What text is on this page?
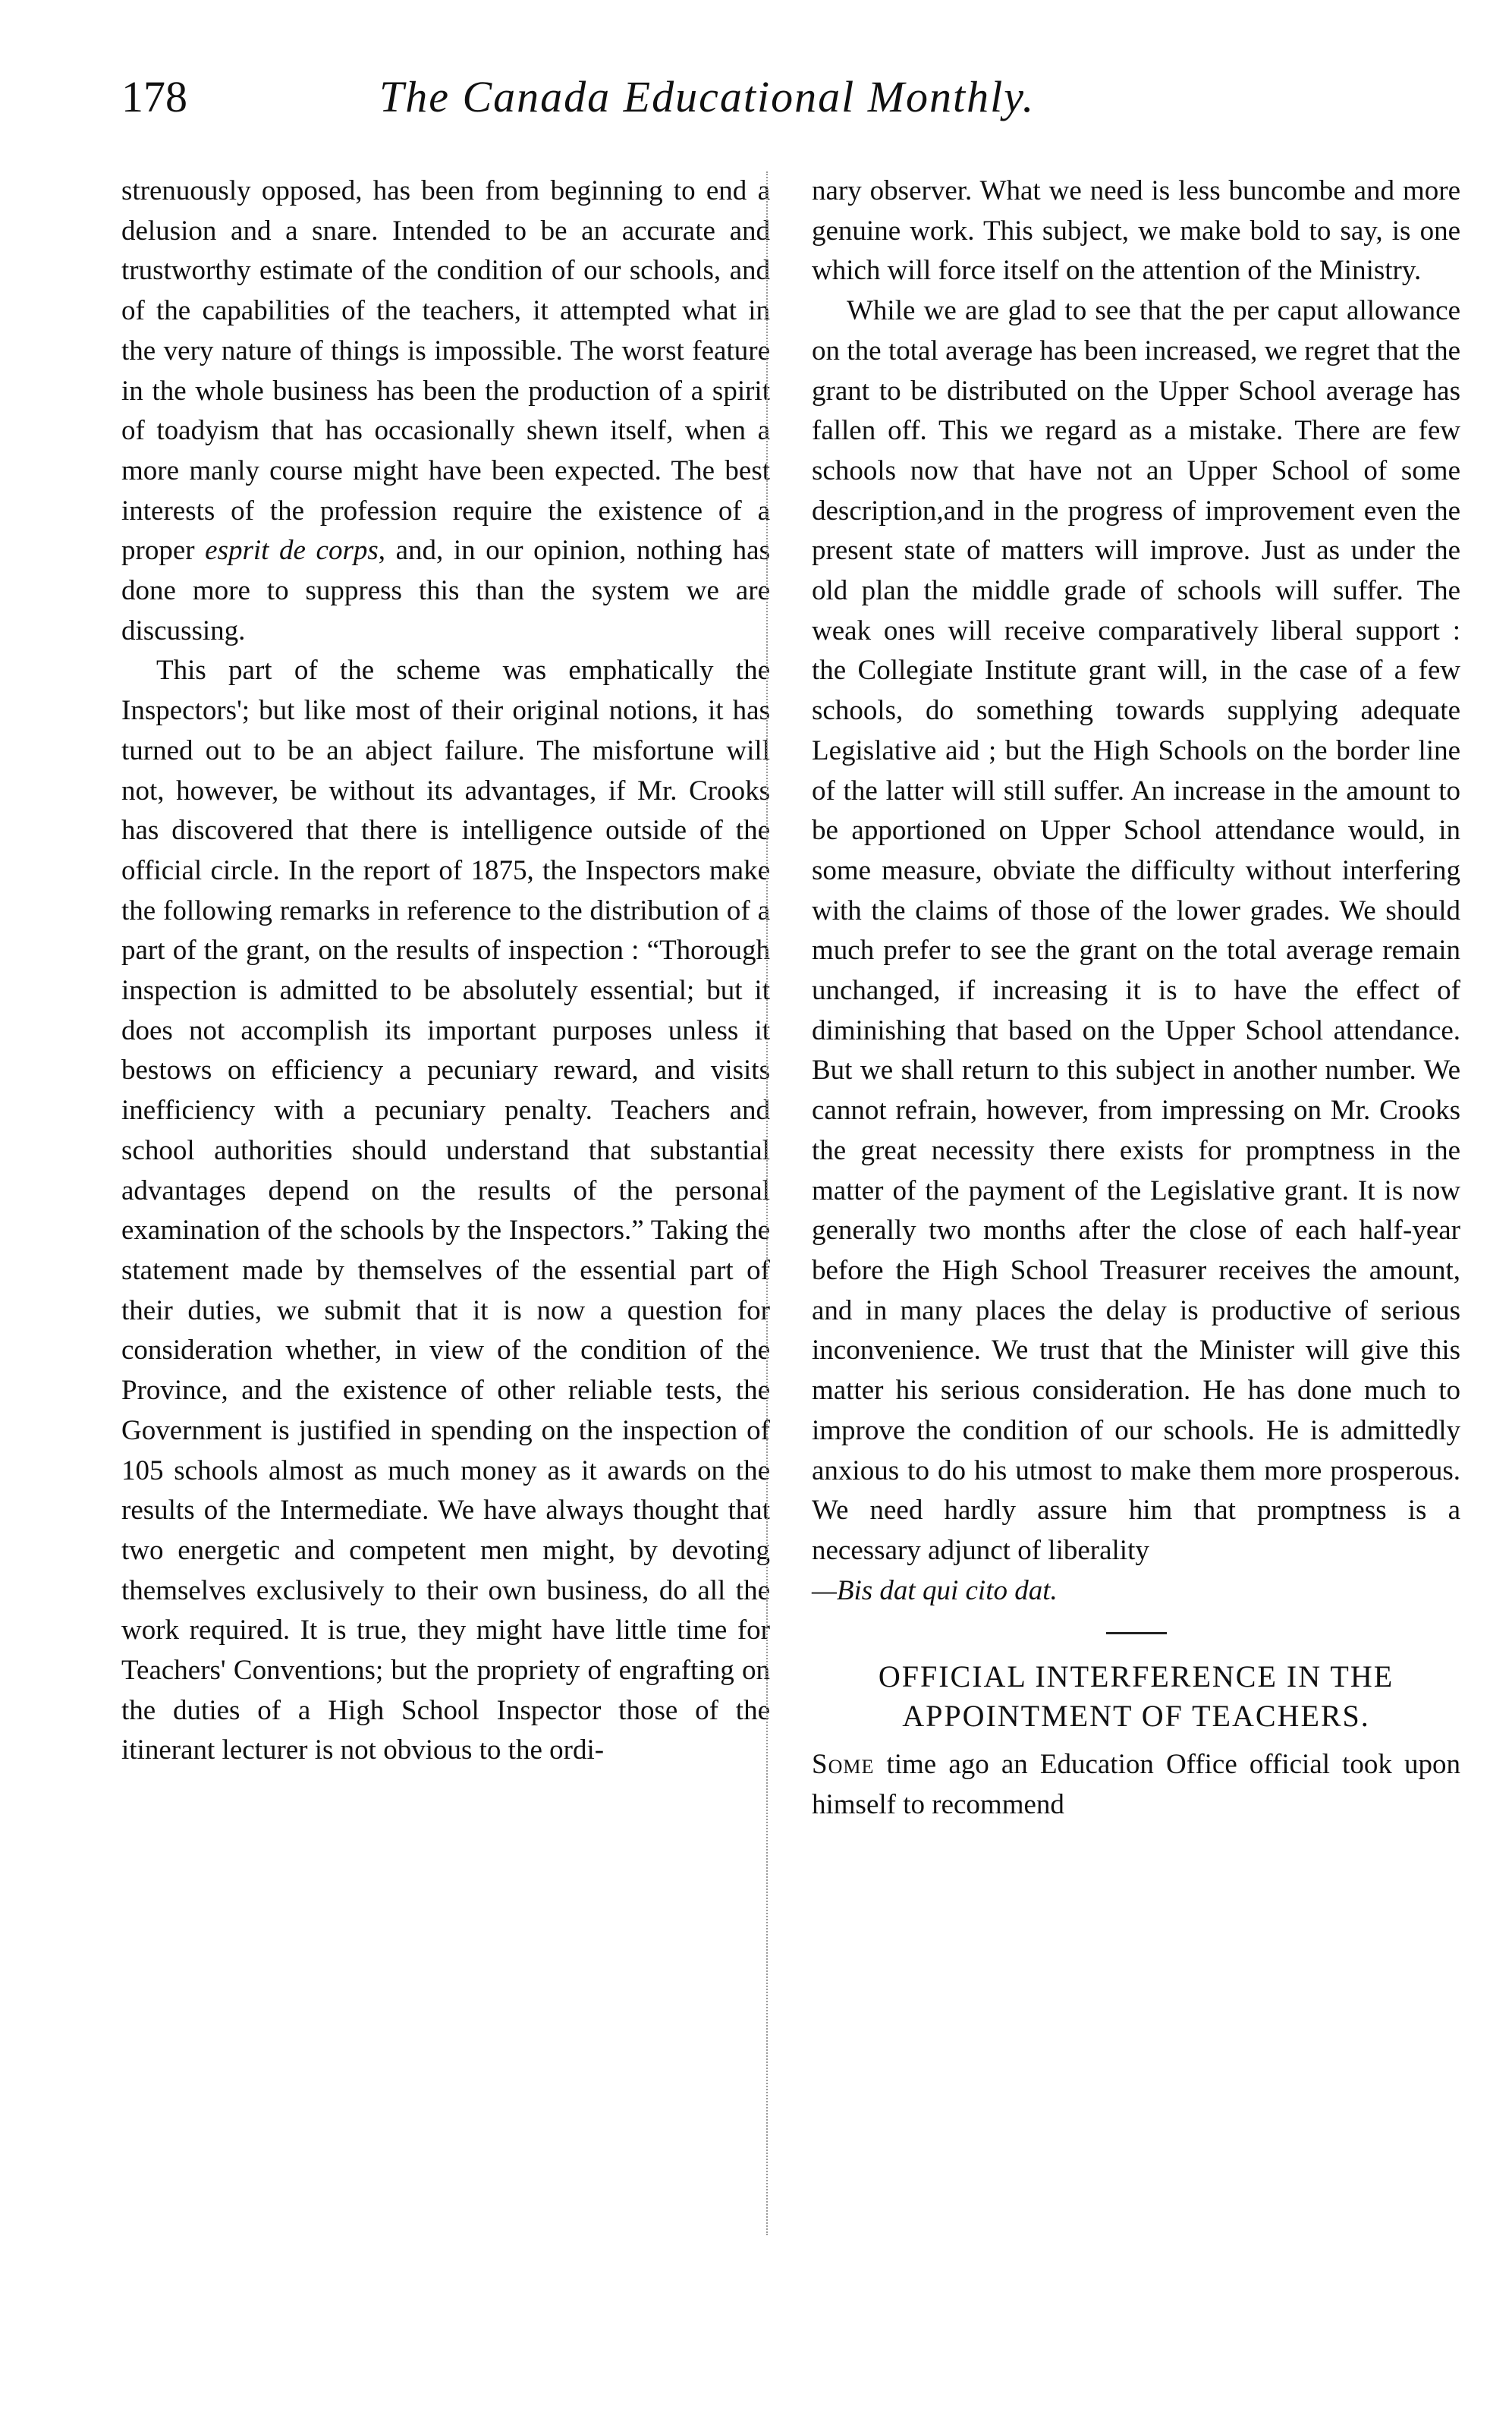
178	The Canada Educational Monthly.

strenuously opposed, has been from beginning to end a delusion and a snare. Intended to be an accurate and trustworthy estimate of the condition of our schools, and of the capabilities of the teachers, it attempted what in the very nature of things is impossible. The worst feature in the whole business has been the production of a spirit of toadyism that has occasionally shewn itself, when a more manly course might have been expected. The best interests of the profession require the existence of a proper esprit de corps, and, in our opinion, nothing has done more to suppress this than the system we are discussing.

This part of the scheme was emphatically the Inspectors'; but like most of their original notions, it has turned out to be an abject failure. The misfortune will not, however, be without its advantages, if Mr. Crooks has discovered that there is intelligence outside of the official circle. In the report of 1875, the Inspectors make the following remarks in reference to the distribution of a part of the grant, on the results of inspection : “Thorough inspection is admitted to be absolutely essential; but it does not accomplish its important purposes unless it bestows on efficiency a pecuniary reward, and visits inefficiency with a pecuniary penalty. Teachers and school authorities should understand that substantial advantages depend on the results of the personal examination of the schools by the Inspectors.” Taking the statement made by themselves of the essential part of their duties, we submit that it is now a question for consideration whether, in view of the condition of the Province, and the existence of other reliable tests, the Government is justified in spending on the inspection of 105 schools almost as much money as it awards on the results of the Intermediate. We have always thought that two energetic and competent men might, by devoting themselves exclusively to their own business, do all the work required. It is true, they might have little time for Teachers' Conventions; but the propriety of engrafting on the duties of a High School Inspector those of the itinerant lecturer is not obvious to the ordi-

nary observer. What we need is less buncombe and more genuine work. This subject, we make bold to say, is one which will force itself on the attention of the Ministry.

While we are glad to see that the per caput allowance on the total average has been increased, we regret that the grant to be distributed on the Upper School average has fallen off. This we regard as a mistake. There are few schools now that have not an Upper School of some description,and in the progress of improvement even the present state of matters will improve. Just as under the old plan the middle grade of schools will suffer. The weak ones will receive comparatively liberal support : the Collegiate Institute grant will, in the case of a few schools, do something towards supplying adequate Legislative aid ; but the High Schools on the border line of the latter will still suffer. An increase in the amount to be apportioned on Upper School attendance would, in some measure, obviate the difficulty without interfering with the claims of those of the lower grades. We should much prefer to see the grant on the total average remain unchanged, if increasing it is to have the effect of diminishing that based on the Upper School attendance. But we shall return to this subject in another number. We cannot refrain, however, from impressing on Mr. Crooks the great necessity there exists for promptness in the matter of the payment of the Legislative grant. It is now generally two months after the close of each half-year before the High School Treasurer receives the amount, and in many places the delay is productive of serious inconvenience. We trust that the Minister will give this matter his serious consideration. He has done much to improve the condition of our schools. He is admittedly anxious to do his utmost to make them more prosperous. We need hardly assure him that promptness is a necessary adjunct of liberality

—Bis dat qui cito dat.

OFFICIAL INTERFERENCE IN THE
APPOINTMENT OF TEACHERS.

Some time ago an Education Office official took upon himself to recommend
